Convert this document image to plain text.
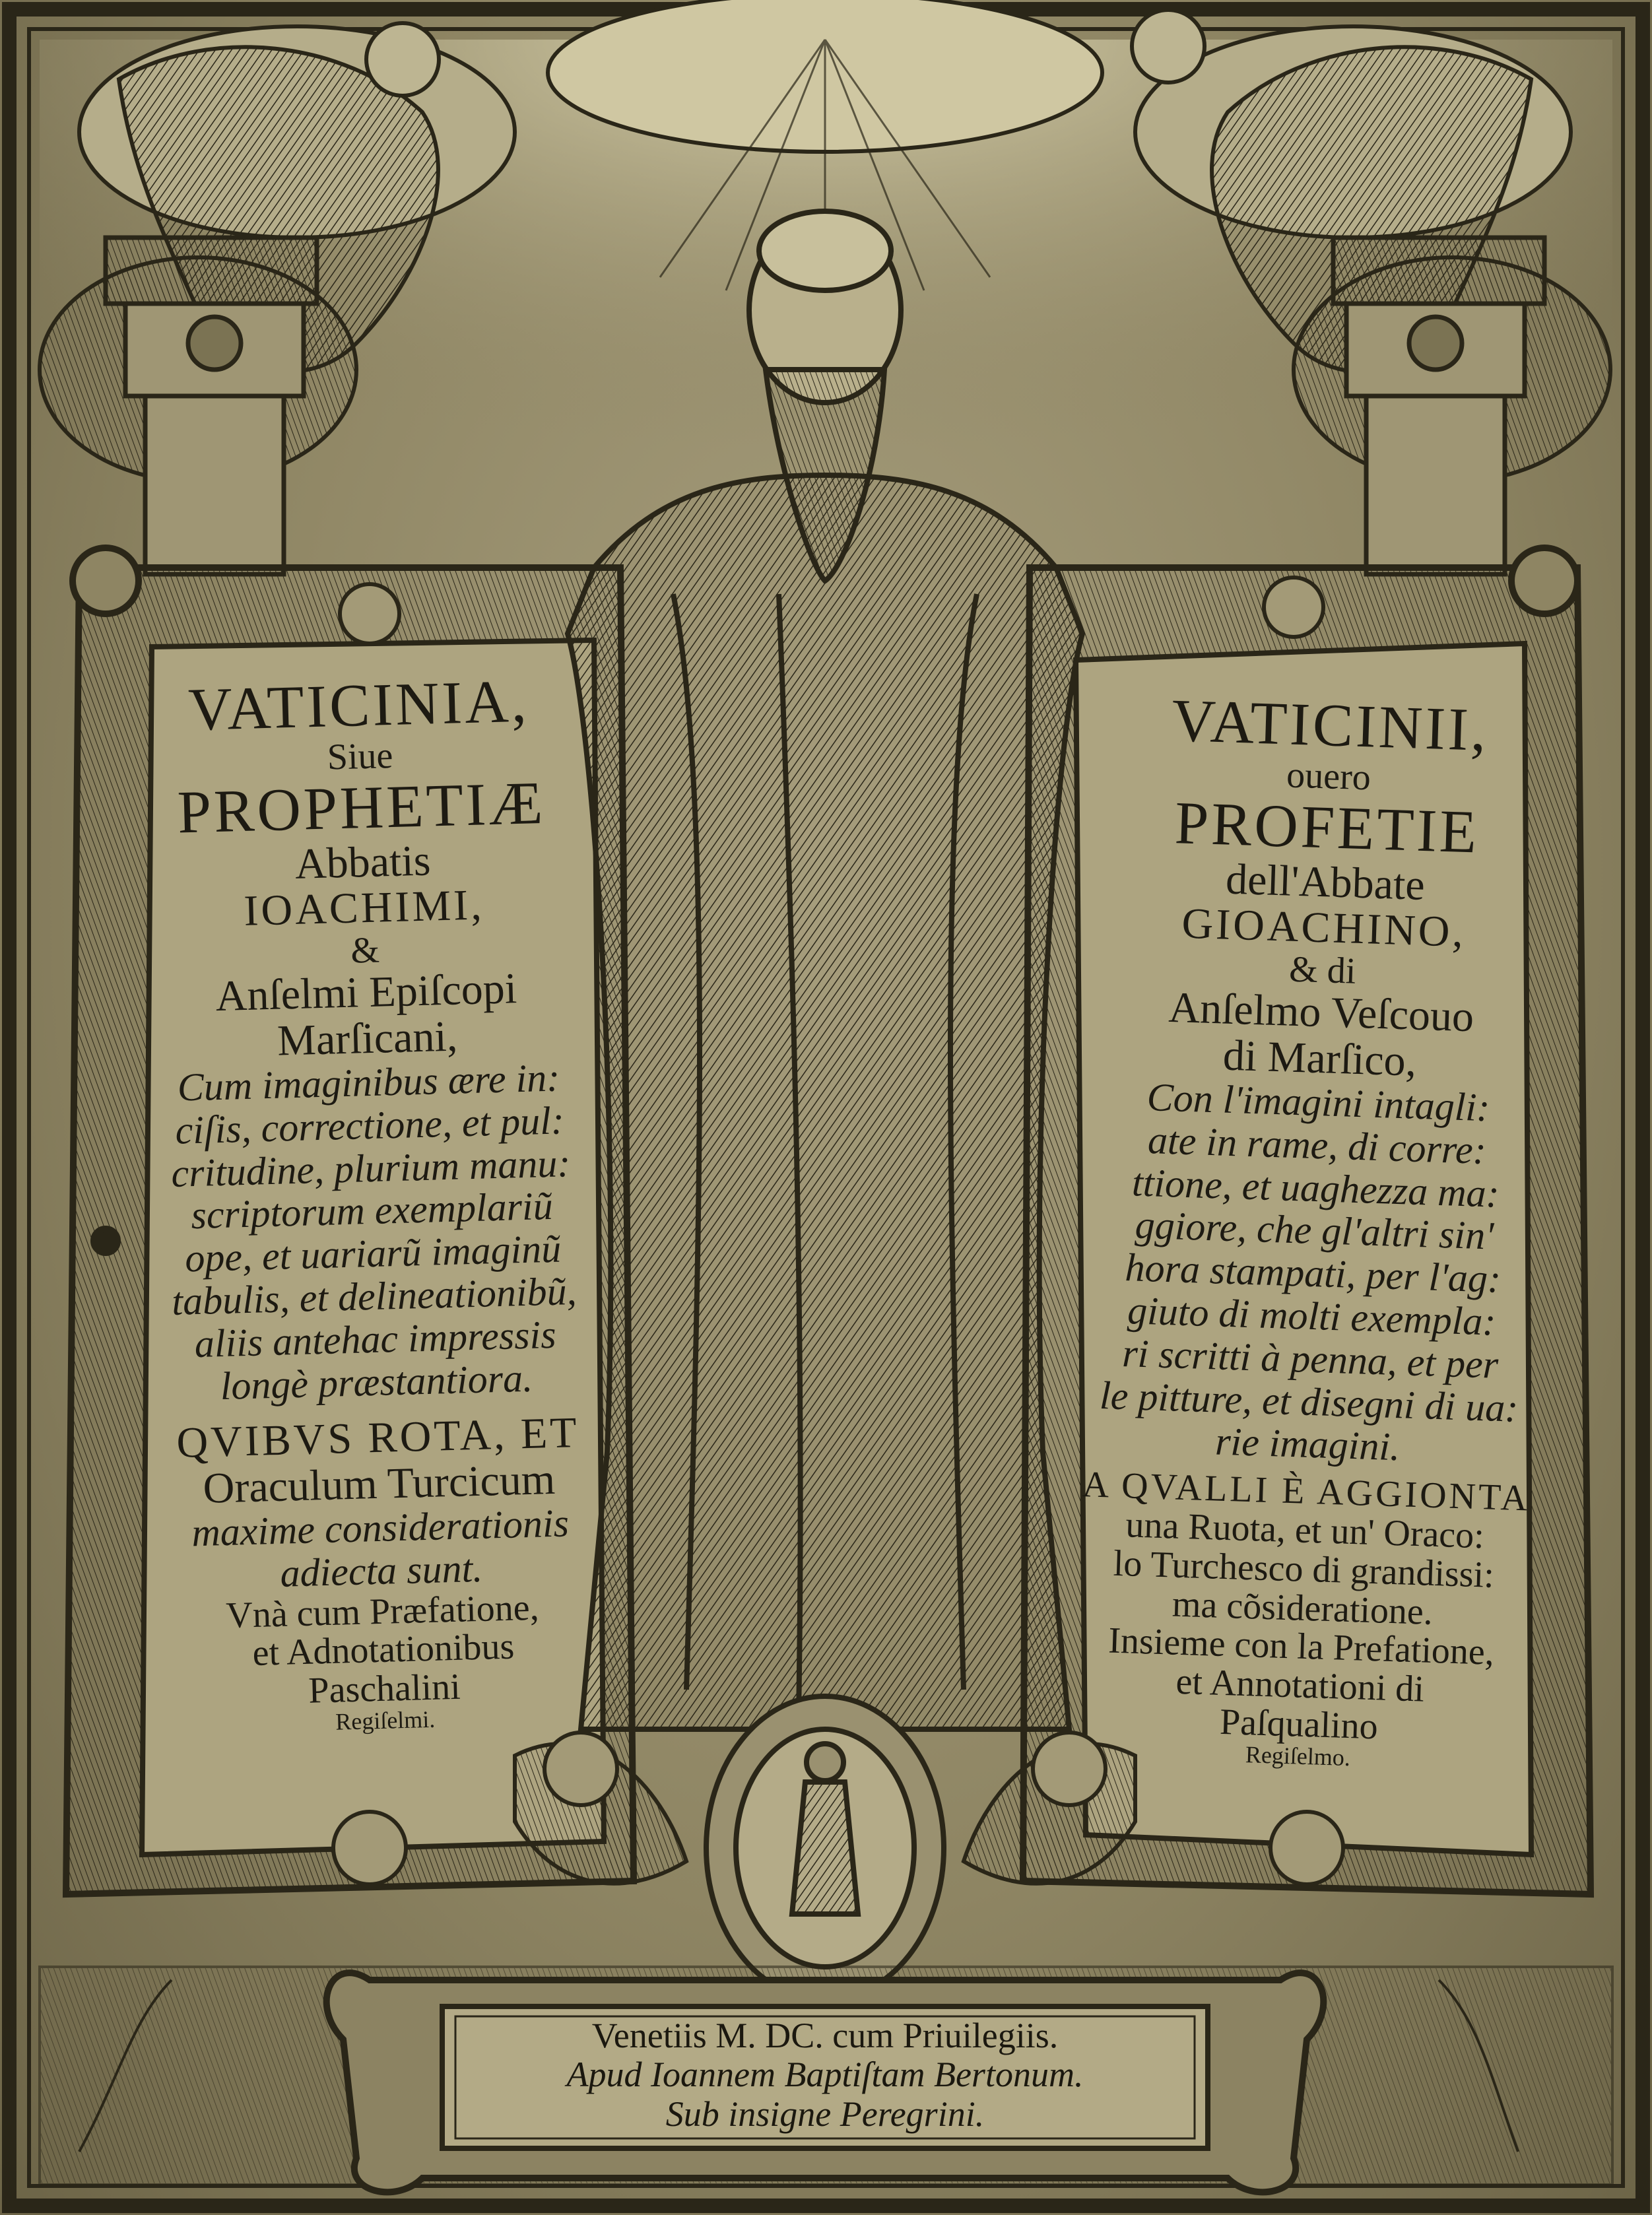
VATICINIA,
Siue
PROPHETIÆ
Abbatis
IOACHIMI,
&
Anſelmi Epiſcopi
Marſicani,
Cum imaginibus ære in:
ciſis, correctione, et pul:
critudine, plurium manu:
scriptorum exemplariũ
ope, et uariarũ imaginũ
tabulis, et delineationibũ,
aliis antehac impressis
longè præstantiora.
QVIBVS ROTA, ET
Oraculum Turcicum
maxime considerationis
adiecta sunt.
Vnà cum Præfatione,
et Adnotationibus
Paschalini
Regiſelmi.
VATICINII,
ouero
PROFETIE
dell'Abbate
GIOACHINO,
& di
Anſelmo Veſcouo
di Marſico,
Con l'imagini intagli:
ate in rame, di corre:
ttione, et uaghezza ma:
ggiore, che gl'altri sin'
hora stampati, per l'ag:
giuto di molti exempla:
ri scritti à penna, et per
le pitture, et disegni di ua:
rie imagini.
A QVALLI È AGGIONTA
una Ruota, et un' Oraco:
lo Turchesco di grandissi:
ma cõsideratione.
Insieme con la Prefatione,
et Annotationi di
Paſqualino
Regiſelmo.
Venetiis M. DC. cum Priuilegiis.
Apud Ioannem Baptiſtam Bertonum.
Sub insigne Peregrini.
